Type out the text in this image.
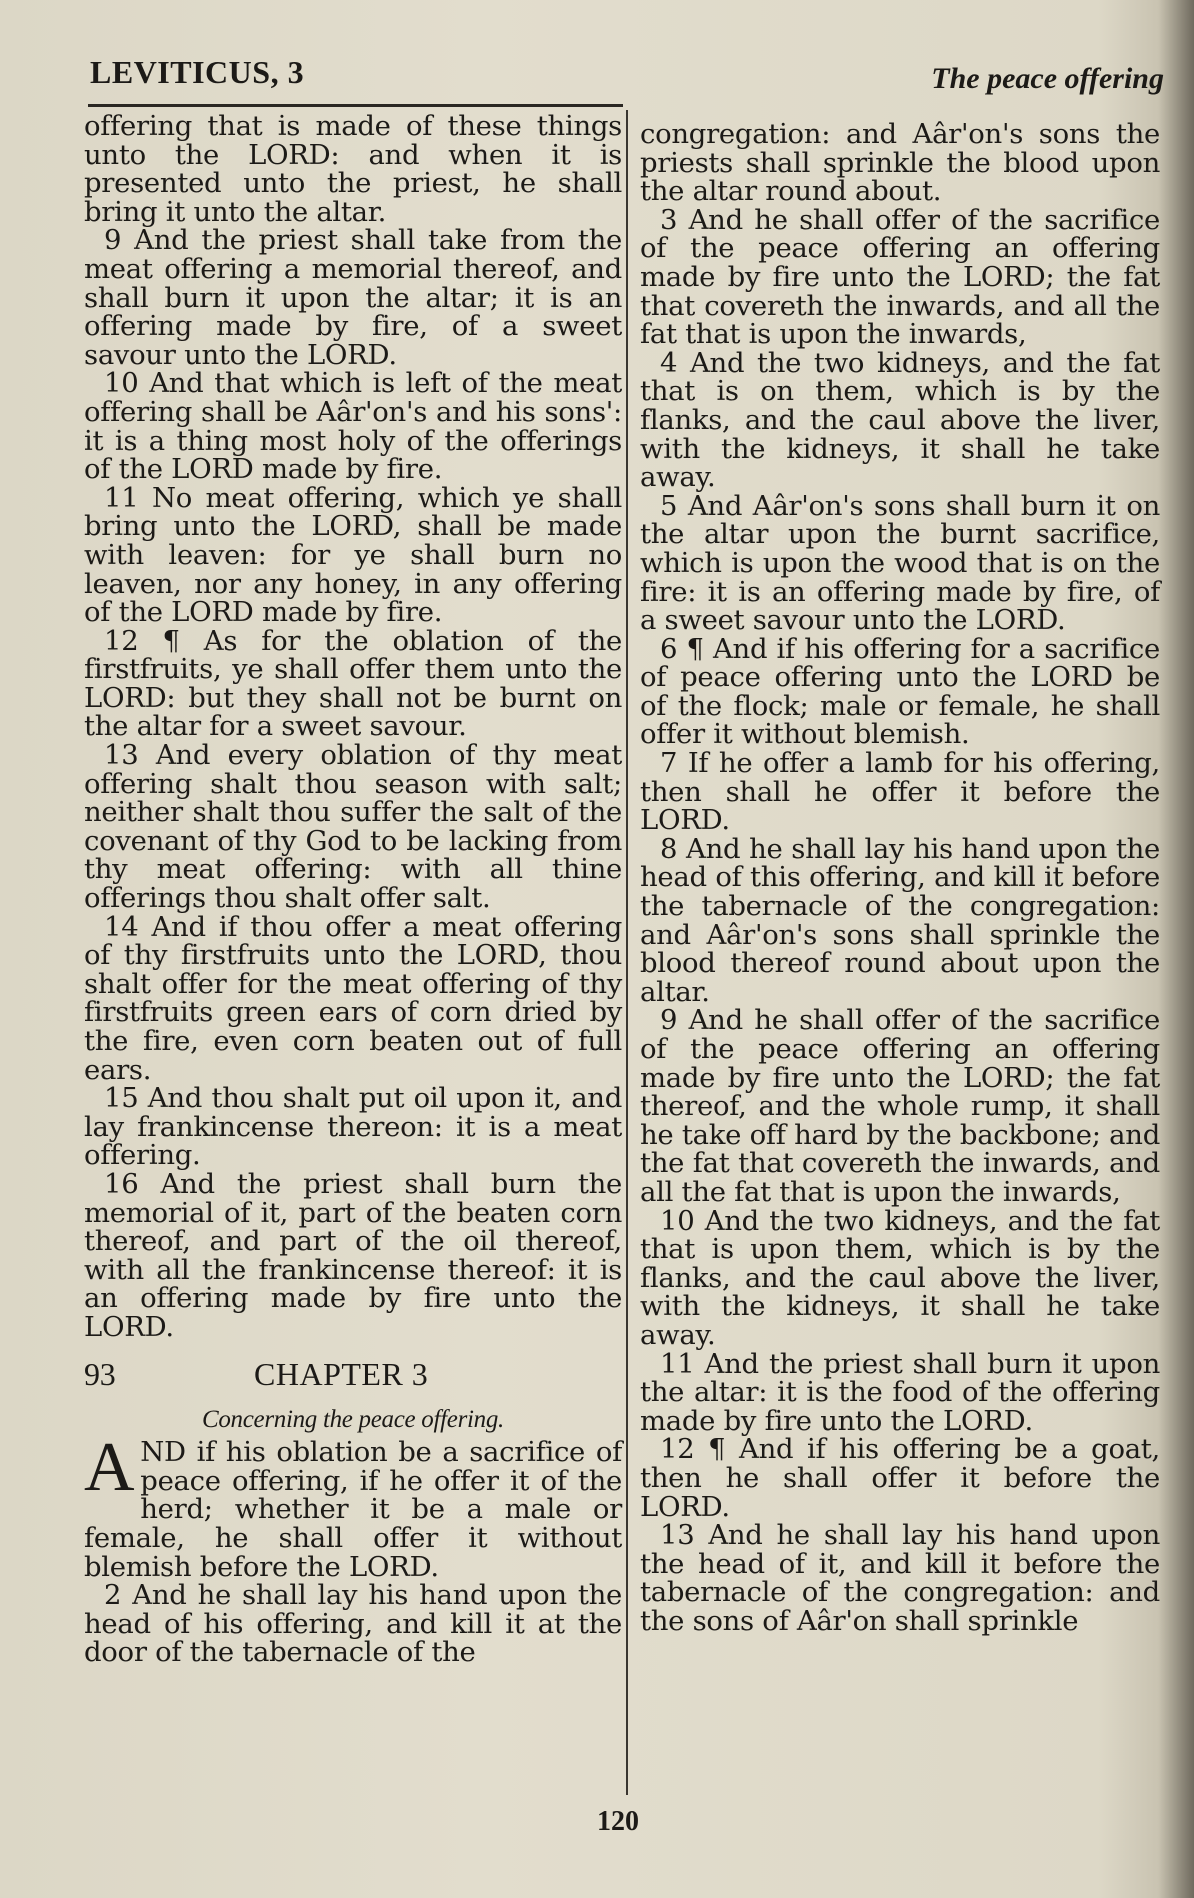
LEVITICUS, 3	The peace offering

offering that is made of these things unto the LORD: and when it is presented unto the priest, he shall bring it unto the altar.

9 And the priest shall take from the meat offering a memorial thereof, and shall burn it upon the altar; it is an offering made by fire, of a sweet savour unto the LORD.

10 And that which is left of the meat offering shall be Aâr'on's and his sons': it is a thing most holy of the offerings of the LORD made by fire.

11 No meat offering, which ye shall bring unto the LORD, shall be made with leaven: for ye shall burn no leaven, nor any honey, in any offering of the LORD made by fire.

12 ¶ As for the oblation of the firstfruits, ye shall offer them unto the LORD: but they shall not be burnt on the altar for a sweet savour.

13 And every oblation of thy meat offering shalt thou season with salt; neither shalt thou suffer the salt of the covenant of thy God to be lacking from thy meat offering: with all thine offerings thou shalt offer salt.

14 And if thou offer a meat offering of thy firstfruits unto the LORD, thou shalt offer for the meat offering of thy firstfruits green ears of corn dried by the fire, even corn beaten out of full ears.

15 And thou shalt put oil upon it, and lay frankincense thereon: it is a meat offering.

16 And the priest shall burn the memorial of it, part of the beaten corn thereof, and part of the oil thereof, with all the frankincense thereof: it is an offering made by fire unto the LORD.

93	CHAPTER 3

Concerning the peace offering.

A ND if his oblation be a sacrifice of peace offering, if he offer it of the herd; whether it be a male or female, he shall offer it without blemish before the LORD.

2 And he shall lay his hand upon the head of his offering, and kill it at the door of the tabernacle of the

congregation: and Aâr'on's sons the priests shall sprinkle the blood upon the altar round about.

3 And he shall offer of the sacrifice of the peace offering an offering made by fire unto the LORD; the fat that covereth the inwards, and all the fat that is upon the inwards,

4 And the two kidneys, and the fat that is on them, which is by the flanks, and the caul above the liver, with the kidneys, it shall he take away.

5 And Aâr'on's sons shall burn it on the altar upon the burnt sacrifice, which is upon the wood that is on the fire: it is an offering made by fire, of a sweet savour unto the LORD.

6 ¶ And if his offering for a sacrifice of peace offering unto the LORD be of the flock; male or female, he shall offer it without blemish.

7 If he offer a lamb for his offering, then shall he offer it before the LORD.

8 And he shall lay his hand upon the head of this offering, and kill it before the tabernacle of the congregation: and Aâr'on's sons shall sprinkle the blood thereof round about upon the altar.

9 And he shall offer of the sacrifice of the peace offering an offering made by fire unto the LORD; the fat thereof, and the whole rump, it shall he take off hard by the backbone; and the fat that covereth the inwards, and all the fat that is upon the inwards,

10 And the two kidneys, and the fat that is upon them, which is by the flanks, and the caul above the liver, with the kidneys, it shall he take away.

11 And the priest shall burn it upon the altar: it is the food of the offering made by fire unto the LORD.

12 ¶ And if his offering be a goat, then he shall offer it before the LORD.

13 And he shall lay his hand upon the head of it, and kill it before the tabernacle of the congregation: and the sons of Aâr'on shall sprinkle

120
